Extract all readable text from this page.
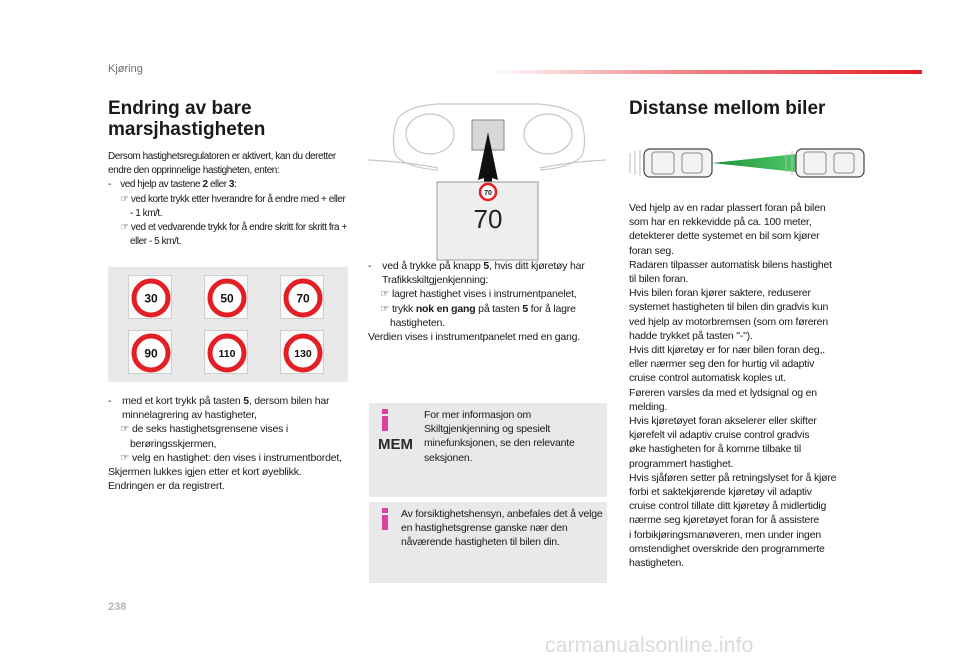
Kjøring
Endring av bare
marsjhastigheten

Dersom hastighetsregulatoren er aktivert, kan du deretter endre den opprinnelige hastigheten, enten:

-    ved hjelp av tastene 2 eller 3:

☞ ved korte trykk etter hverandre for å endre med + eller - 1 km/t.

☞ ved et vedvarende trykk for å endre skritt for skritt fra + eller - 5 km/t.

30	50	70
90	110	130

-    med et kort trykk på tasten 5, dersom bilen har minnelagrering av hastigheter,

☞ de seks hastighetsgrensene vises i berøringsskjermen,

☞ velg en hastighet: den vises i instrumentbordet,

Skjermen lukkes igjen etter et kort øyeblikk.

Endringen er da registrert.

70
70

-    ved å trykke på knapp 5, hvis ditt kjøretøy har Trafikkskiltgjenkjenning:

☞ lagret hastighet vises i instrumentpanelet,

☞ trykk nok en gang på tasten 5 for å lagre hastigheten.

Verdien vises i instrumentpanelet med en gang.

MEM
For mer informasjon om Skiltgjenkjenning og spesielt minefunksjonen, se den relevante seksjonen.
Av forsiktighetshensyn, anbefales det å velge en hastighetsgrense ganske nær den nåværende hastigheten til bilen din.
Distanse mellom biler

Ved hjelp av en radar plassert foran på bilen

som har en rekkevidde på ca. 100 meter,

detekterer dette systemet en bil som kjører

foran seg.

Radaren tilpasser automatisk bilens hastighet

til bilen foran.

Hvis bilen foran kjører saktere, reduserer

systemet hastigheten til bilen din gradvis kun

ved hjelp av motorbremsen (som om føreren

hadde trykket på tasten "-").

Hvis ditt kjøretøy er for nær bilen foran deg,.

eller nærmer seg den for hurtig vil adaptiv

cruise control automatisk koples ut.

Føreren varsles da med et lydsignal og en

melding.

Hvis kjøretøyet foran akselerer eller skifter

kjørefelt vil adaptiv cruise control gradvis

øke hastigheten for å komme tilbake til

programmert hastighet.

Hvis sjåføren setter på retningslyset for å kjøre

forbi et saktekjørende kjøretøy vil adaptiv

cruise control tillate ditt kjøretøy å midlertidig

nærme seg kjøretøyet foran for å assistere

i forbikjøringsmanøveren, men under ingen

omstendighet overskride den programmerte

hastigheten.

238
carmanualsonline.info
